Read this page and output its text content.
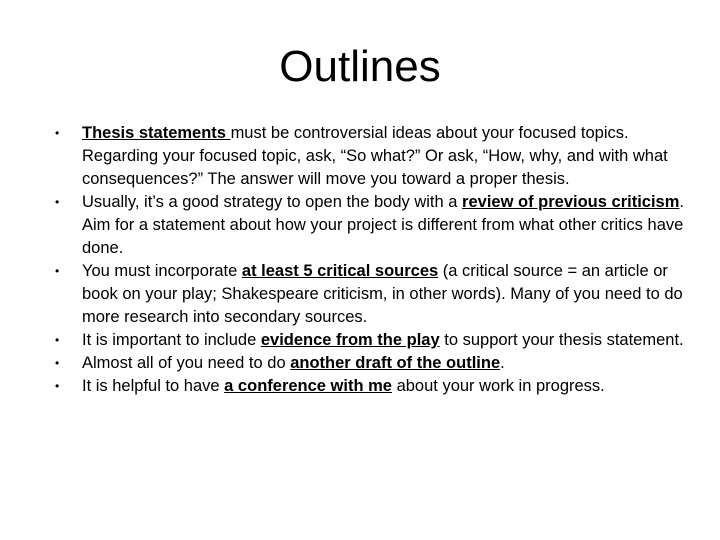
Outlines
• Thesis statements must be controversial ideas about your focused topics. Regarding your focused topic, ask, “So what?” Or ask, “How, why, and with what consequences?” The answer will move you toward a proper thesis.
• Usually, it’s a good strategy to open the body with a review of previous criticism. Aim for a statement about how your project is different from what other critics have done.
• You must incorporate at least 5 critical sources (a critical source = an article or book on your play; Shakespeare criticism, in other words). Many of you need to do more research into secondary sources.
• It is important to include evidence from the play to support your thesis statement.
• Almost all of you need to do another draft of the outline.
• It is helpful to have a conference with me about your work in progress.
